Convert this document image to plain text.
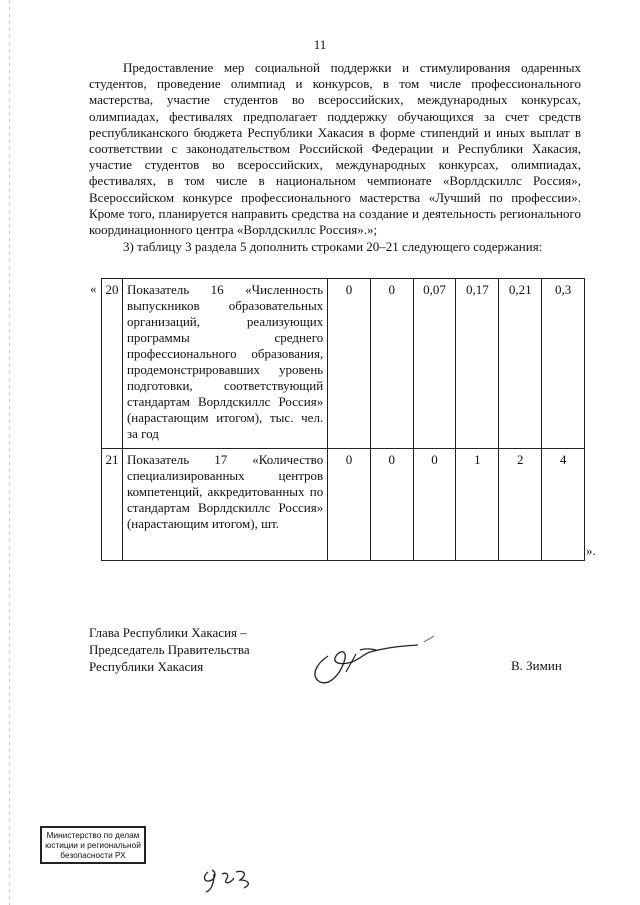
11

Предоставление мер социальной поддержки и стимулирования одаренных студентов, проведение олимпиад и конкурсов, в том числе профессионального мастерства, участие студентов во всероссийских, международных конкурсах, олимпиадах, фестивалях предполагает поддержку обучающихся за счет средств республиканского бюджета Республики Хакасия в форме стипендий и иных выплат в соответствии с законодательством Российской Федерации и Республики Хакасия, участие студентов во всероссийских, международных конкурсах, олимпиадах, фестивалях, в том числе в национальном чемпионате «Ворлдскиллс Россия», Всероссийском конкурсе профессионального мастерства «Лучший по профессии». Кроме того, планируется направить средства на создание и деятельность регионального координационного центра «Ворлдскиллс Россия».»;

3) таблицу 3 раздела 5 дополнить строками 20–21 следующего содержания:

« 20	Показатель 16 «Численность выпускников образовательных организаций, реализующих программы среднего профессионального образования, продемонстрировавших уровень подготовки, соответствующий стандартам Ворлдскиллс Россия» (нарастающим итогом), тыс. чел. за год	0	0	0,07	0,17	0,21	0,3
21	Показатель 17 «Количество специализированных центров компетенций, аккредитованных по стандартам Ворлдскиллс Россия» (нарастающим итогом), шт.	0	0	0	1	2	4
».
Глава Республики Хакасия –
Председатель Правительства
Республики Хакасия	В. Зимин
Министерство по делам
юстиции и региональной
безопасности РХ
